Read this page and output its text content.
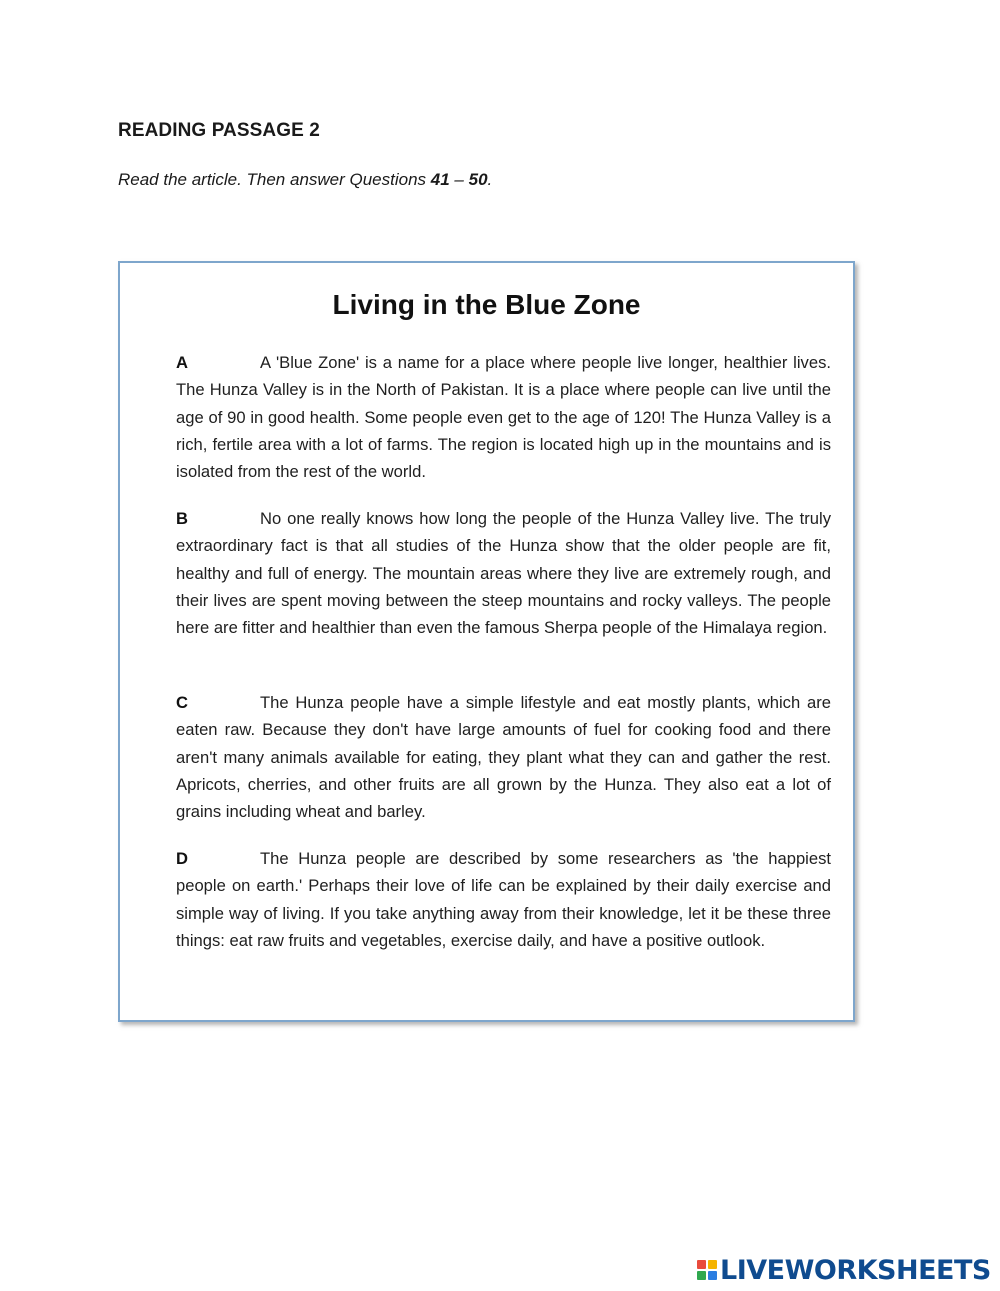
READING PASSAGE 2

Read the article. Then answer Questions 41 – 50.

Living in the Blue Zone

A	A 'Blue Zone' is a name for a place where people live longer, healthier lives. The Hunza Valley is in the North of Pakistan. It is a place where people can live until the age of 90 in good health. Some people even get to the age of 120! The Hunza Valley is a rich, fertile area with a lot of farms. The region is located high up in the mountains and is isolated from the rest of the world.

B	No one really knows how long the people of the Hunza Valley live. The truly extraordinary fact is that all studies of the Hunza show that the older people are fit, healthy and full of energy. The mountain areas where they live are extremely rough, and their lives are spent moving between the steep mountains and rocky valleys. The people here are fitter and healthier than even the famous Sherpa people of the Himalaya region.

C	The Hunza people have a simple lifestyle and eat mostly plants, which are eaten raw. Because they don't have large amounts of fuel for cooking food and there aren't many animals available for eating, they plant what they can and gather the rest. Apricots, cherries, and other fruits are all grown by the Hunza. They also eat a lot of grains including wheat and barley.

D	The Hunza people are described by some researchers as 'the happiest people on earth.' Perhaps their love of life can be explained by their daily exercise and simple way of living. If you take anything away from their knowledge, let it be these three things: eat raw fruits and vegetables, exercise daily, and have a positive outlook.

LIVEWORKSHEETS
